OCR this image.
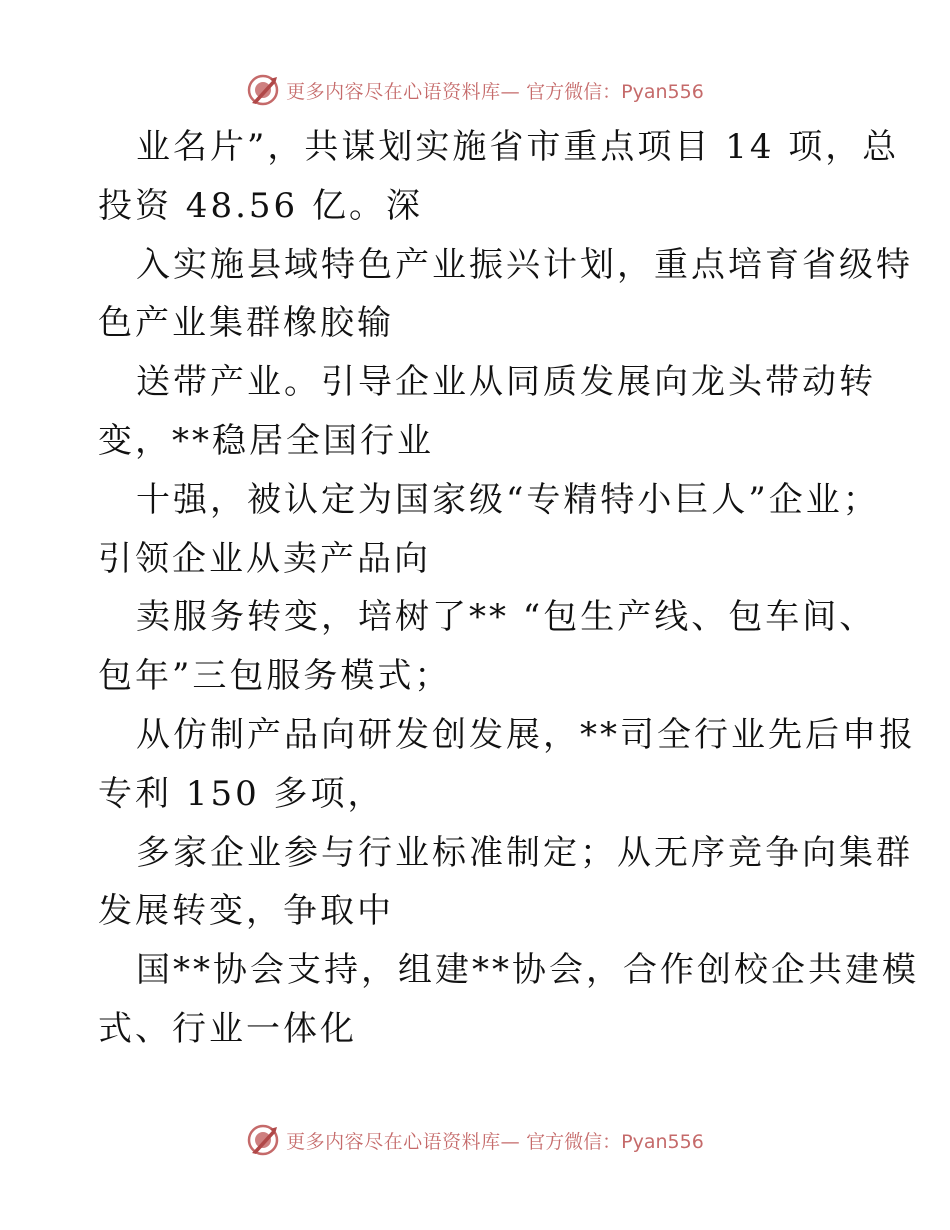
更多内容尽在心语资料库— 官方微信：Pyan556
业名片”，共谋划实施省市重点项目 14 项，总
投资 48.56 亿。深
入实施县域特色产业振兴计划，重点培育省级特
色产业集群橡胶输
送带产业。引导企业从同质发展向龙头带动转
变，**稳居全国行业
十强，被认定为国家级“专精特小巨人”企业；
引领企业从卖产品向
卖服务转变，培树了** “包生产线、包车间、
包年”三包服务模式；
从仿制产品向研发创发展，**司全行业先后申报
专利 150 多项，
多家企业参与行业标准制定；从无序竞争向集群
发展转变，争取中
国**协会支持，组建**协会，合作创校企共建模
式、行业一体化
更多内容尽在心语资料库— 官方微信：Pyan556
